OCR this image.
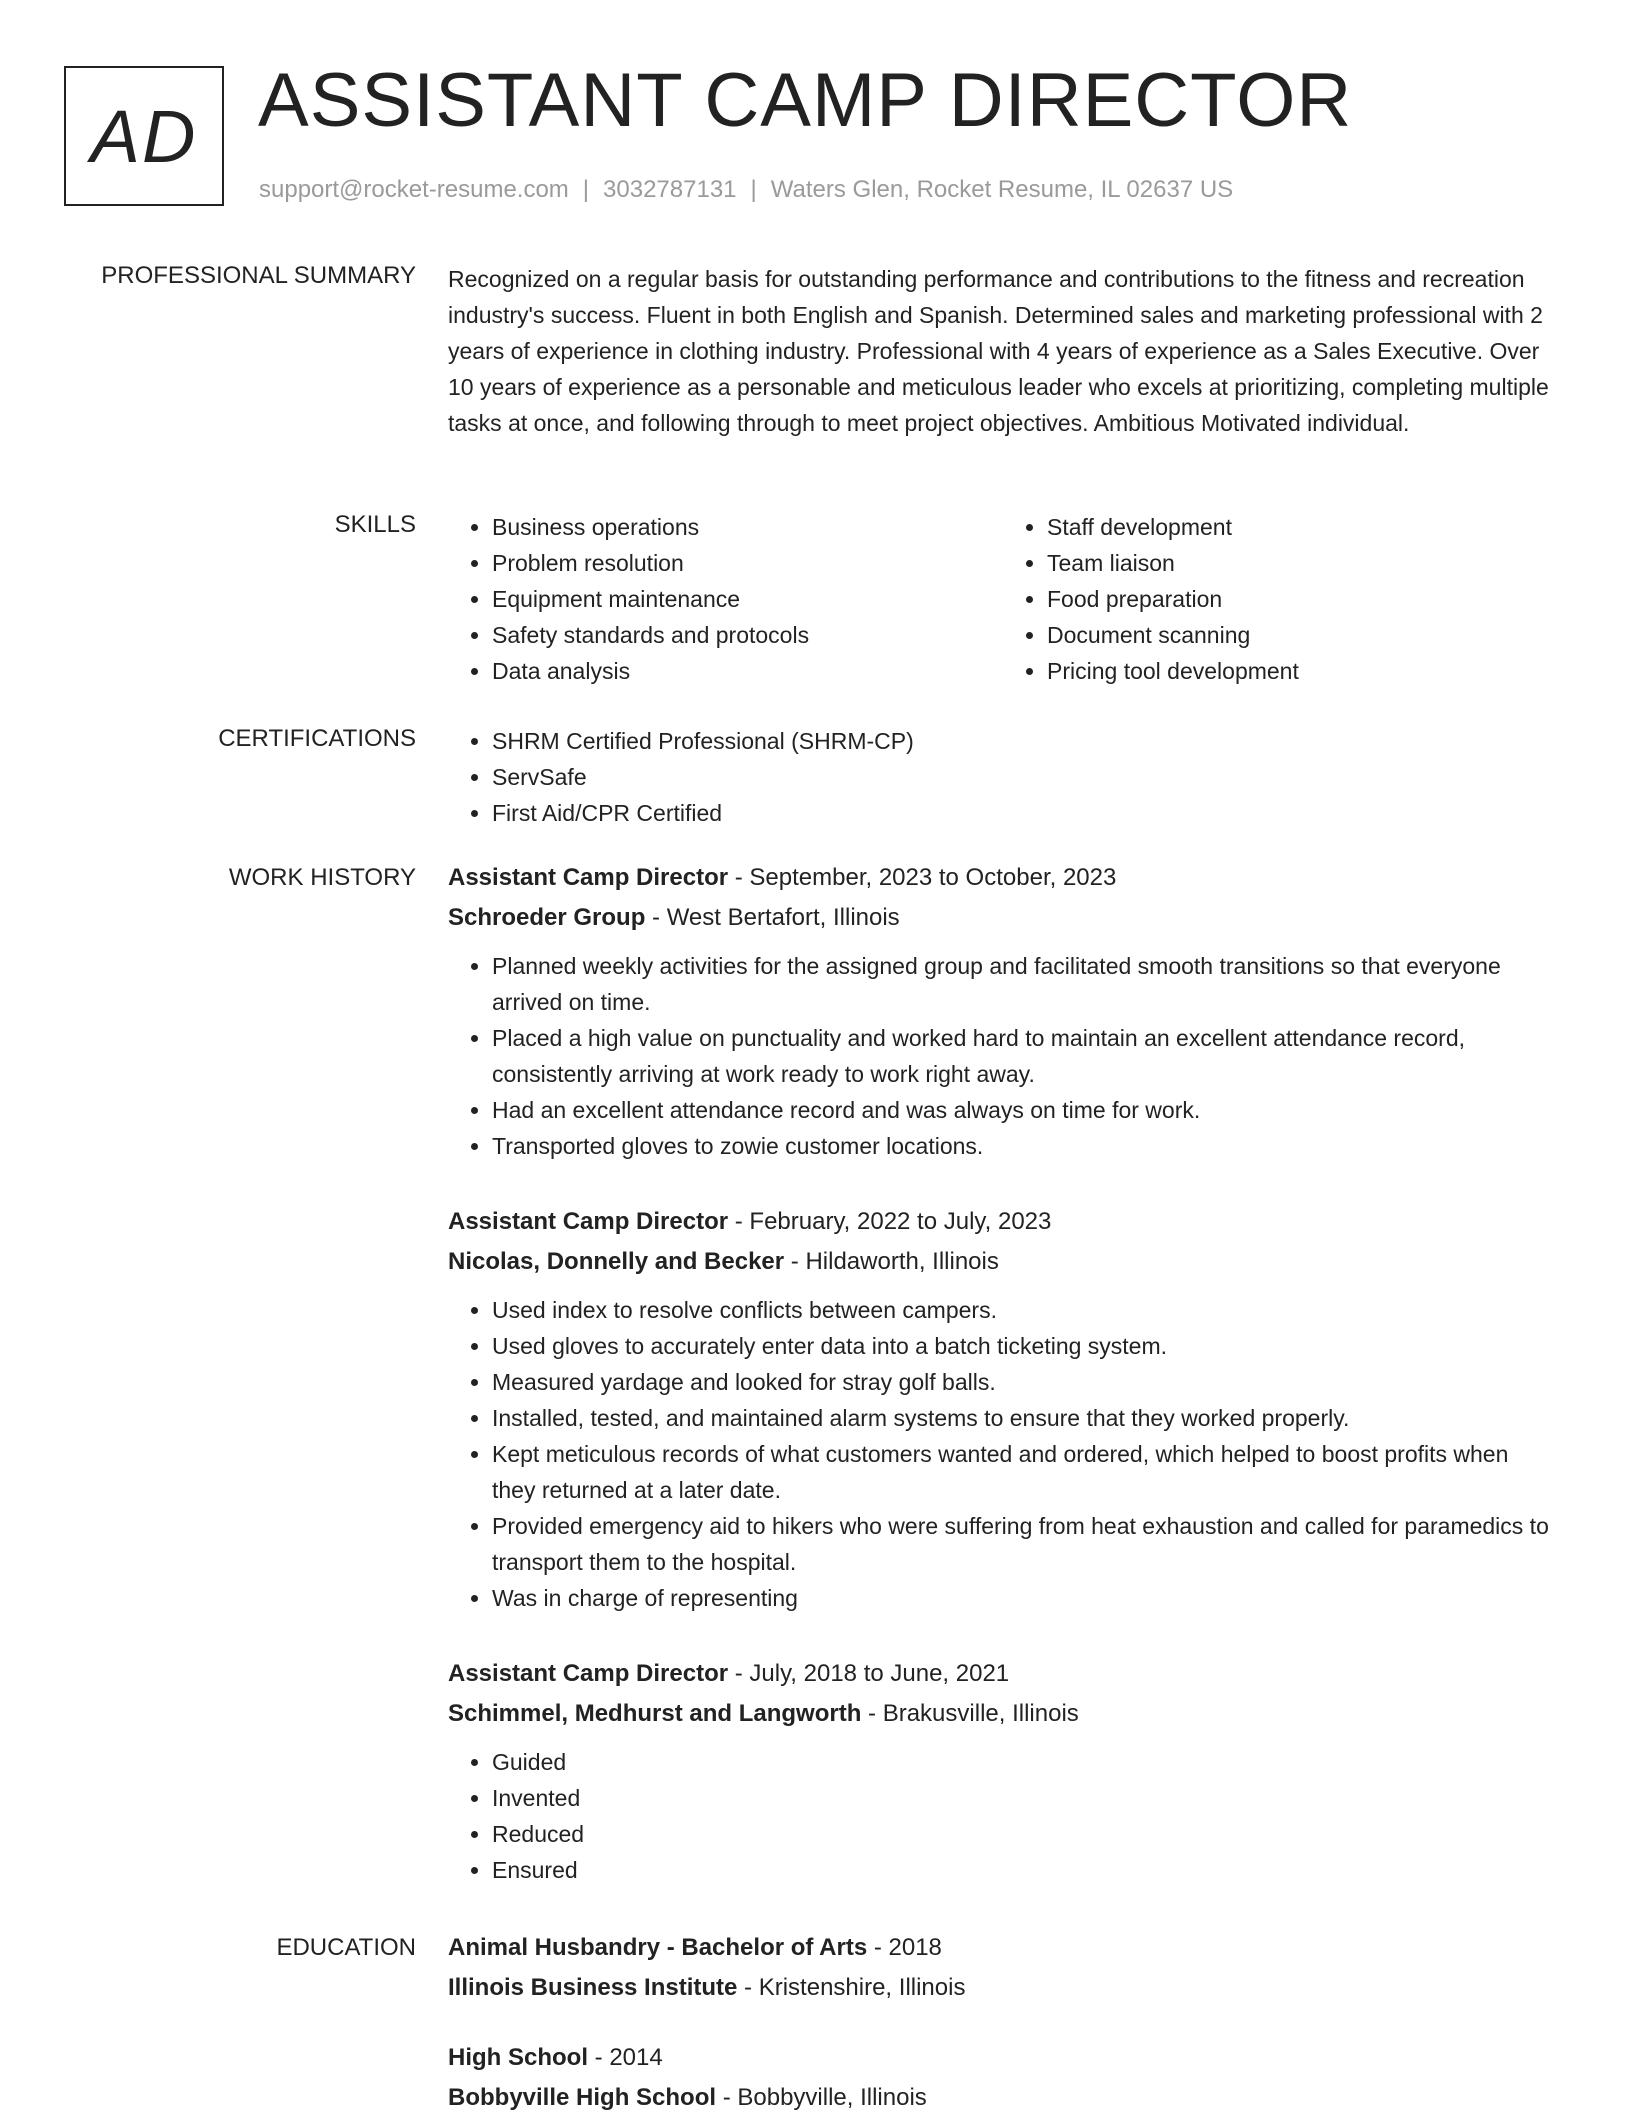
AD ASSISTANT CAMP DIRECTOR
support@rocket-resume.com | 3032787131 | Waters Glen, Rocket Resume, IL 02637 US
PROFESSIONAL SUMMARY Recognized on a regular basis for outstanding performance and contributions to the fitness and recreation industry's success. Fluent in both English and Spanish. Determined sales and marketing professional with 2 years of experience in clothing industry. Professional with 4 years of experience as a Sales Executive. Over 10 years of experience as a personable and meticulous leader who excels at prioritizing, completing multiple tasks at once, and following through to meet project objectives. Ambitious Motivated individual.
SKILLS	• Business operations
• Problem resolution
• Equipment maintenance
• Safety standards and protocols
• Data analysis
• Staff development
• Team liaison
• Food preparation
• Document scanning
• Pricing tool development
CERTIFICATIONS	• SHRM Certified Professional (SHRM-CP)
• ServSafe
• First Aid/CPR Certified
WORK HISTORY Assistant Camp Director - September, 2023 to October, 2023
Schroeder Group - West Bertafort, Illinois
• Planned weekly activities for the assigned group and facilitated smooth transitions so that everyone arrived on time.
• Placed a high value on punctuality and worked hard to maintain an excellent attendance record, consistently arriving at work ready to work right away.
• Had an excellent attendance record and was always on time for work.
• Transported gloves to zowie customer locations.
Assistant Camp Director - February, 2022 to July, 2023
Nicolas, Donnelly and Becker - Hildaworth, Illinois
• Used index to resolve conflicts between campers.
• Used gloves to accurately enter data into a batch ticketing system.
• Measured yardage and looked for stray golf balls.
• Installed, tested, and maintained alarm systems to ensure that they worked properly.
• Kept meticulous records of what customers wanted and ordered, which helped to boost profits when they returned at a later date.
• Provided emergency aid to hikers who were suffering from heat exhaustion and called for paramedics to transport them to the hospital.
• Was in charge of representing
Assistant Camp Director - July, 2018 to June, 2021
Schimmel, Medhurst and Langworth - Brakusville, Illinois
• Guided
• Invented
• Reduced
• Ensured
EDUCATION Animal Husbandry - Bachelor of Arts - 2018
Illinois Business Institute - Kristenshire, Illinois
High School - 2014
Bobbyville High School - Bobbyville, Illinois
